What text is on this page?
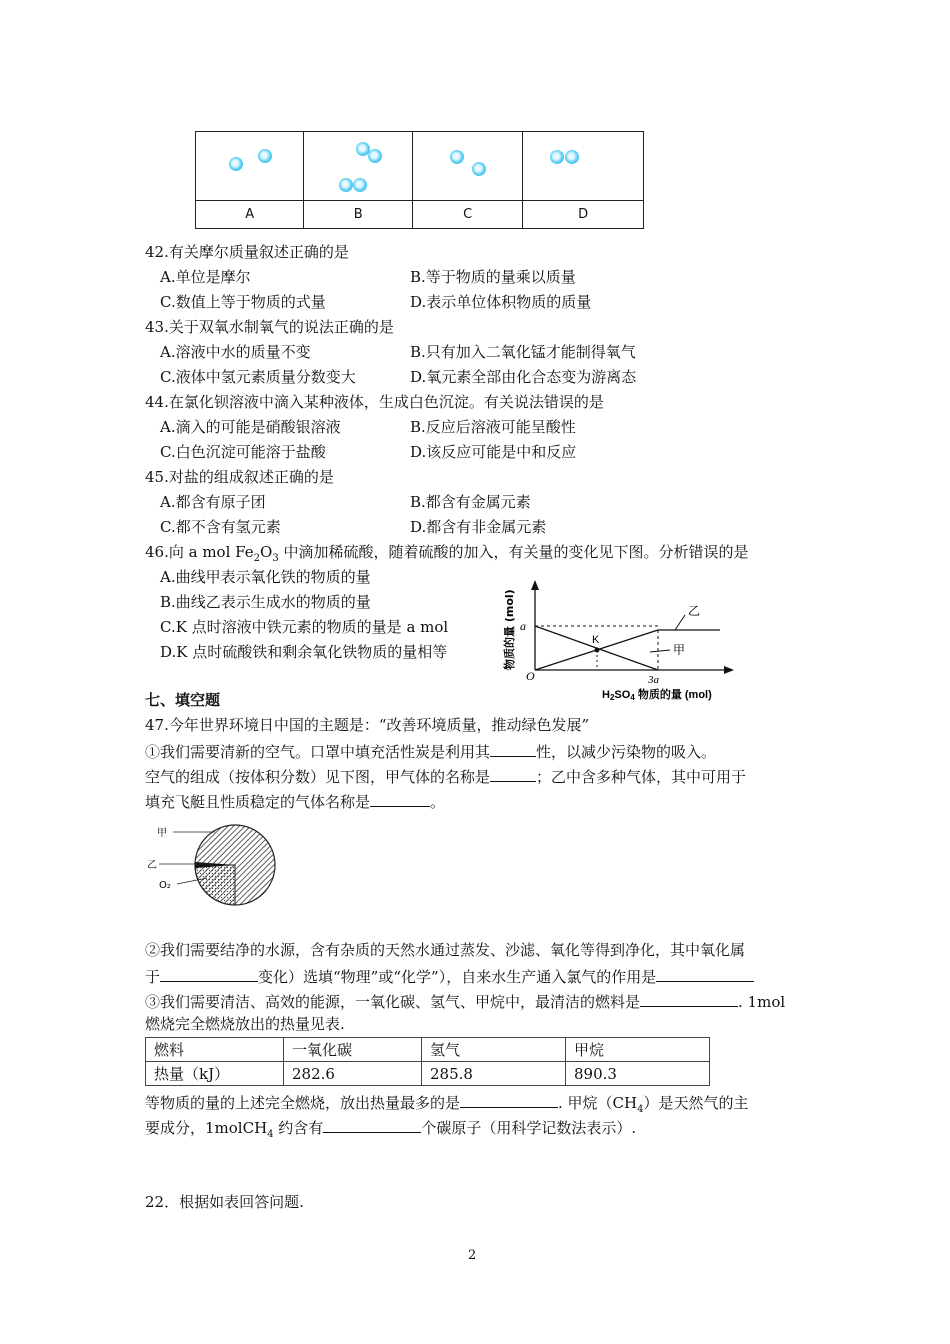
A	B	C	D
42.有关摩尔质量叙述正确的是
A.单位是摩尔	B.等于物质的量乘以质量
C.数值上等于物质的式量	D.表示单位体积物质的质量
43.关于双氧水制氧气的说法正确的是
A.溶液中水的质量不变	B.只有加入二氧化锰才能制得氧气
C.液体中氢元素质量分数变大	D.氧元素全部由化合态变为游离态
44.在氯化钡溶液中滴入某种液体，生成白色沉淀。有关说法错误的是
A.滴入的可能是硝酸银溶液	B.反应后溶液可能呈酸性
C.白色沉淀可能溶于盐酸	D.该反应可能是中和反应
45.对盐的组成叙述正确的是
A.都含有原子团	B.都含有金属元素
C.都不含有氢元素	D.都含有非金属元素
46.向 a mol $Fe_2O_3$ 中滴加稀硫酸，随着硫酸的加入，有关量的变化见下图。分析错误的是
A.曲线甲表示氧化铁的物质的量
B.曲线乙表示生成水的物质的量
C.K 点时溶液中铁元素的物质的量是 a mol
D.K 点时硫酸铁和剩余氧化铁物质的量相等
a
O
K
乙
甲
3a
H2SO4 物质的量 (mol)
物质的量 (mol)
七、填空题
47.今年世界环境日中国的主题是：“改善环境质量，推动绿色发展”
①我们需要清新的空气。口罩中填充活性炭是利用其	性，以减少污染物的吸入。
空气的组成（按体积分数）见下图，甲气体的名称是	；乙中含多种气体，其中可用于
填充飞艇且性质稳定的气体名称是	。
甲
乙
O₂
②我们需要结净的水源，含有杂质的天然水通过蒸发、沙滤、氧化等得到净化，其中氧化属
于	变化）选填“物理”或“化学”），自来水生产通入氯气的作用是
③我们需要清洁、高效的能源，一氧化碳、氢气、甲烷中，最清洁的燃料是	. 1mol
燃烧完全燃烧放出的热量见表.
燃料	一氧化碳	氢气	甲烷
热量（kJ）	282.6	285.8	890.3
等物质的量的上述完全燃烧，放出热量最多的是	. 甲烷$(CH_4)$是天然气的主
要成分，1molCH$_4$ 约含有	个碳原子（用科学记数法表示）.
22．根据如表回答问题.
2
